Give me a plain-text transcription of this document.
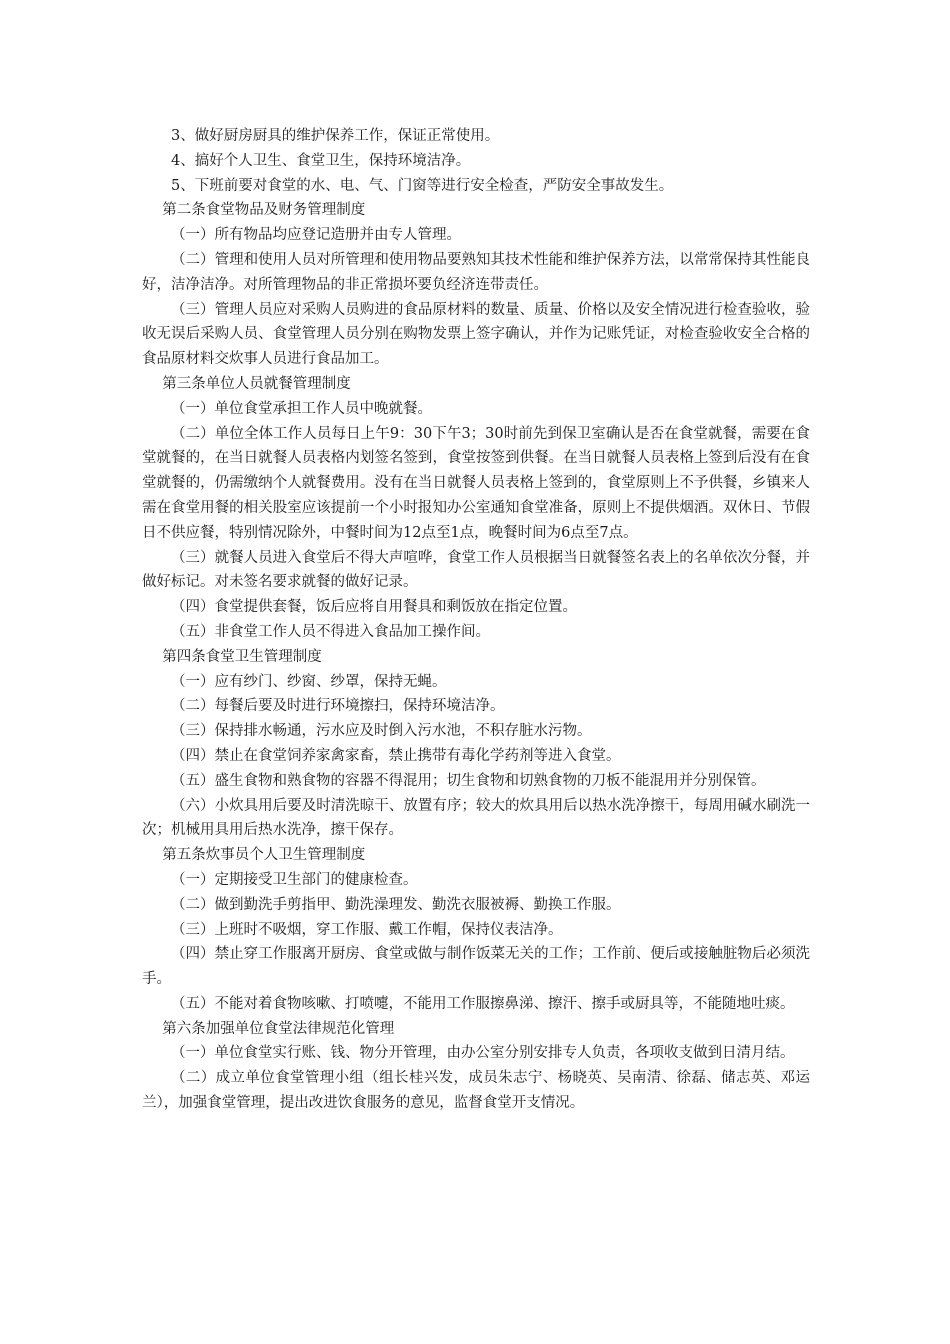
3、做好厨房厨具的维护保养工作，保证正常使用。

4、搞好个人卫生、食堂卫生，保持环境洁净。

5、下班前要对食堂的水、电、气、门窗等进行安全检查，严防安全事故发生。

第二条食堂物品及财务管理制度

（一）所有物品均应登记造册并由专人管理。

（二）管理和使用人员对所管理和使用物品要熟知其技术性能和维护保养方法，以常常保持其性能良好，洁净洁净。对所管理物品的非正常损坏要负经济连带责任。

（三）管理人员应对采购人员购进的食品原材料的数量、质量、价格以及安全情况进行检查验收，验收无误后采购人员、食堂管理人员分别在购物发票上签字确认，并作为记账凭证，对检查验收安全合格的食品原材料交炊事人员进行食品加工。

第三条单位人员就餐管理制度

（一）单位食堂承担工作人员中晚就餐。

（二）单位全体工作人员每日上午9：30下午3；30时前先到保卫室确认是否在食堂就餐，需要在食堂就餐的，在当日就餐人员表格内划签名签到，食堂按签到供餐。在当日就餐人员表格上签到后没有在食堂就餐的，仍需缴纳个人就餐费用。没有在当日就餐人员表格上签到的，食堂原则上不予供餐，乡镇来人需在食堂用餐的相关股室应该提前一个小时报知办公室通知食堂准备，原则上不提供烟酒。双休日、节假日不供应餐，特别情况除外，中餐时间为12点至1点，晚餐时间为6点至7点。

（三）就餐人员进入食堂后不得大声喧哗，食堂工作人员根据当日就餐签名表上的名单依次分餐，并做好标记。对未签名要求就餐的做好记录。

（四）食堂提供套餐，饭后应将自用餐具和剩饭放在指定位置。

（五）非食堂工作人员不得进入食品加工操作间。

第四条食堂卫生管理制度

（一）应有纱门、纱窗、纱罩，保持无蝇。

（二）每餐后要及时进行环境擦扫，保持环境洁净。

（三）保持排水畅通，污水应及时倒入污水池，不积存脏水污物。

（四）禁止在食堂饲养家禽家畜，禁止携带有毒化学药剂等进入食堂。

（五）盛生食物和熟食物的容器不得混用；切生食物和切熟食物的刀板不能混用并分别保管。

（六）小炊具用后要及时清洗晾干、放置有序；较大的炊具用后以热水洗净擦干，每周用碱水刷洗一次；机械用具用后热水洗净，擦干保存。

第五条炊事员个人卫生管理制度

（一）定期接受卫生部门的健康检查。

（二）做到勤洗手剪指甲、勤洗澡理发、勤洗衣服被褥、勤换工作服。

（三）上班时不吸烟，穿工作服、戴工作帽，保持仪表洁净。

（四）禁止穿工作服离开厨房、食堂或做与制作饭菜无关的工作；工作前、便后或接触脏物后必须洗手。

（五）不能对着食物咳嗽、打喷嚏，不能用工作服擦鼻涕、擦汗、擦手或厨具等，不能随地吐痰。

第六条加强单位食堂法律规范化管理

（一）单位食堂实行账、钱、物分开管理，由办公室分别安排专人负责，各项收支做到日清月结。

（二）成立单位食堂管理小组（组长桂兴发，成员朱志宁、杨晓英、吴南清、徐磊、储志英、邓运兰），加强食堂管理，提出改进饮食服务的意见，监督食堂开支情况。
